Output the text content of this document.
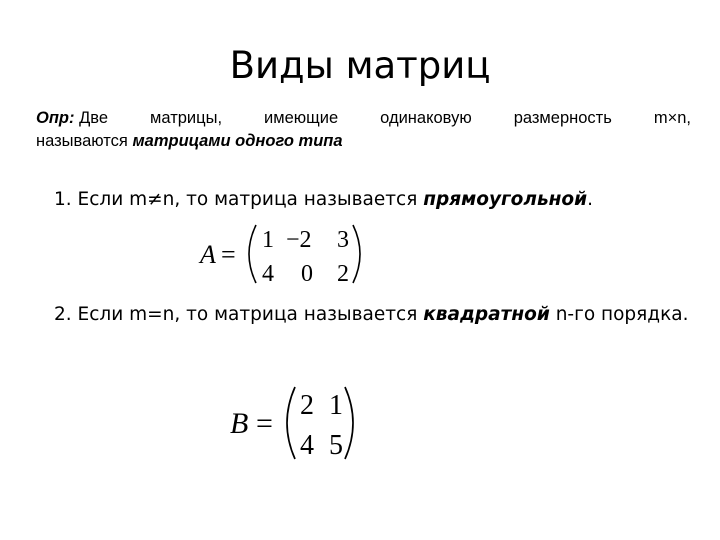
Виды матриц
Опр: Две	матрицы,	имеющие	одинаковую	размерность	m×n,
называются матрицами одного типа
1. Если m≠n, то матрица называется прямоугольной.
A = 1 −2 3
4 0 2
2. Если m=n, то матрица называется квадратной n-го порядка.
B =
2 1
4 5
